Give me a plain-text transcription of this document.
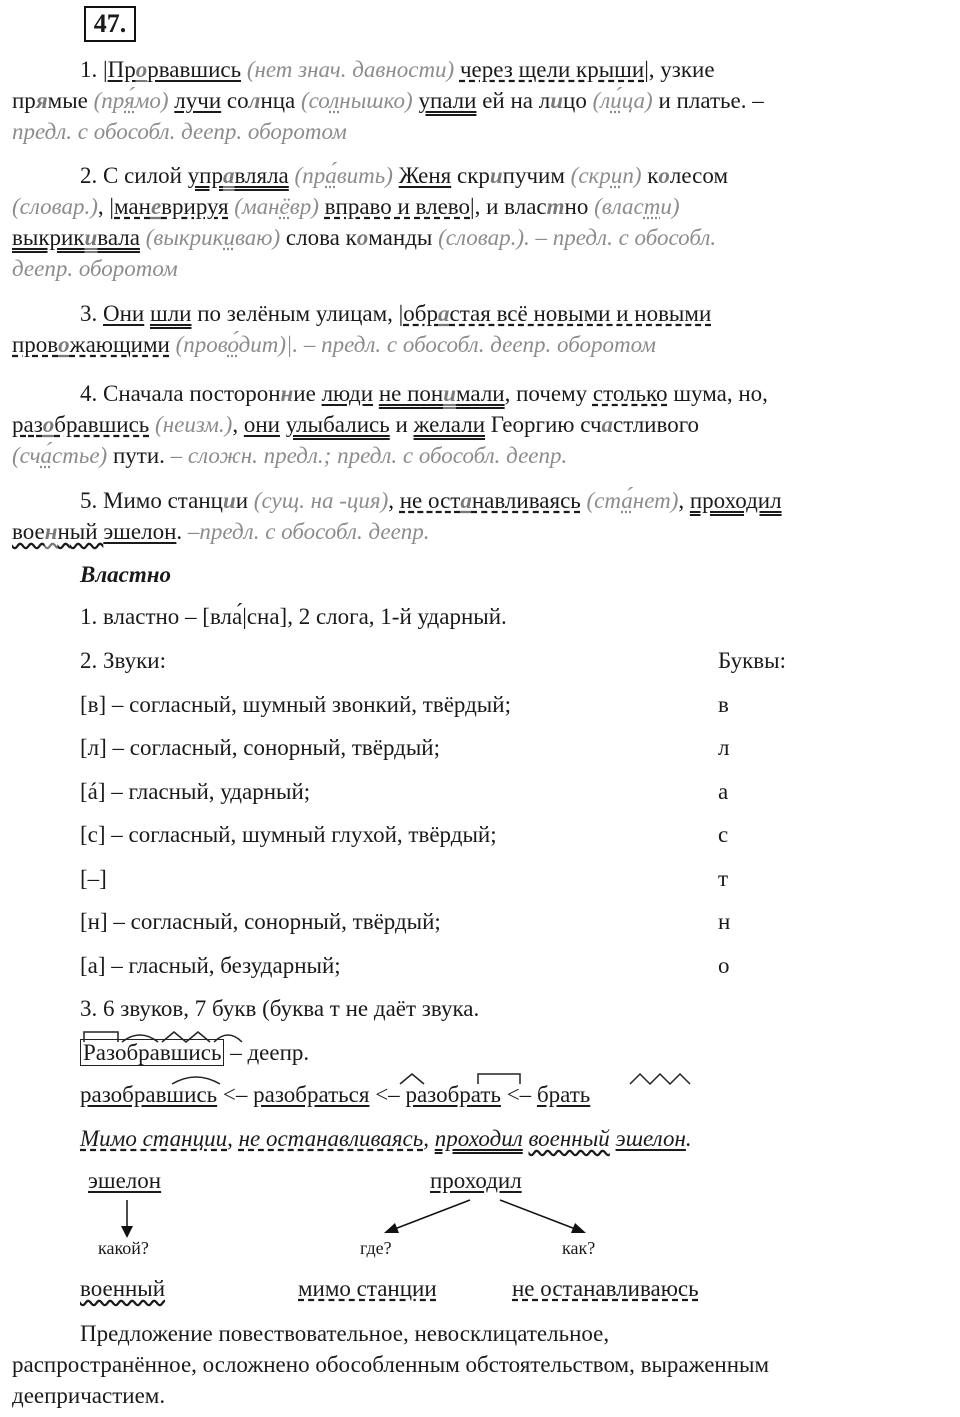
47.

1. |Прорвавшись (нет знач. давности) через щели крыши|, узкие

прямые (пря́мо) лучи солнца (солнышко) упали ей на лицо (ли́ца) и платье. –

предл. с обособл. деепр. оборотом

2. С силой управляла (пра́вить) Женя скрипучим (скрип) колесом

(словар.), |маневрируя (манёвр) вправо и влево|, и властно (власти)

выкрикивала (выкрикиваю) слова команды (словар.). – предл. с обособл.

деепр. оборотом

3. Они шли по зелёным улицам, |обрастая всё новыми и новыми

провожающими (прово́дит)|. – предл. с обособл. деепр. оборотом

4. Сначала посторонние люди не понимали, почему столько шума, но,

разобравшись (неизм.), они улыбались и желали Георгию счастливого

(сча́стье) пути. – сложн. предл.; предл. с обособл. деепр.

5. Мимо станции (сущ. на -ция), не останавливаясь (ста́нет), проходил

военный эшелон. –предл. с обособл. деепр.

Властно
1. властно – [вла́|сна], 2 слога, 1-й ударный.
2. Звуки:	Буквы:
[в] – согласный, шумный звонкий, твёрдый;	в
[л] – согласный, сонорный, твёрдый;	л
[á] – гласный, ударный;	а
[с] – согласный, шумный глухой, твёрдый;	с
[–]	т
[н] – согласный, сонорный, твёрдый;	н
[а] – гласный, безударный;	о
3. 6 звуков, 7 букв (буква т не даёт звука.
Разобравшись – деепр.
разобравшись <– разобраться <– разобрать <– брать
Мимо станции, не останавливаясь, проходил военный эшелон.
эшелон	проходил
какой?	где?	как?
военный	мимо станции	не останавливаюсь

Предложение повествовательное, невосклицательное,

распространённое, осложнено обособленным обстоятельством, выраженным

деепричастием.
